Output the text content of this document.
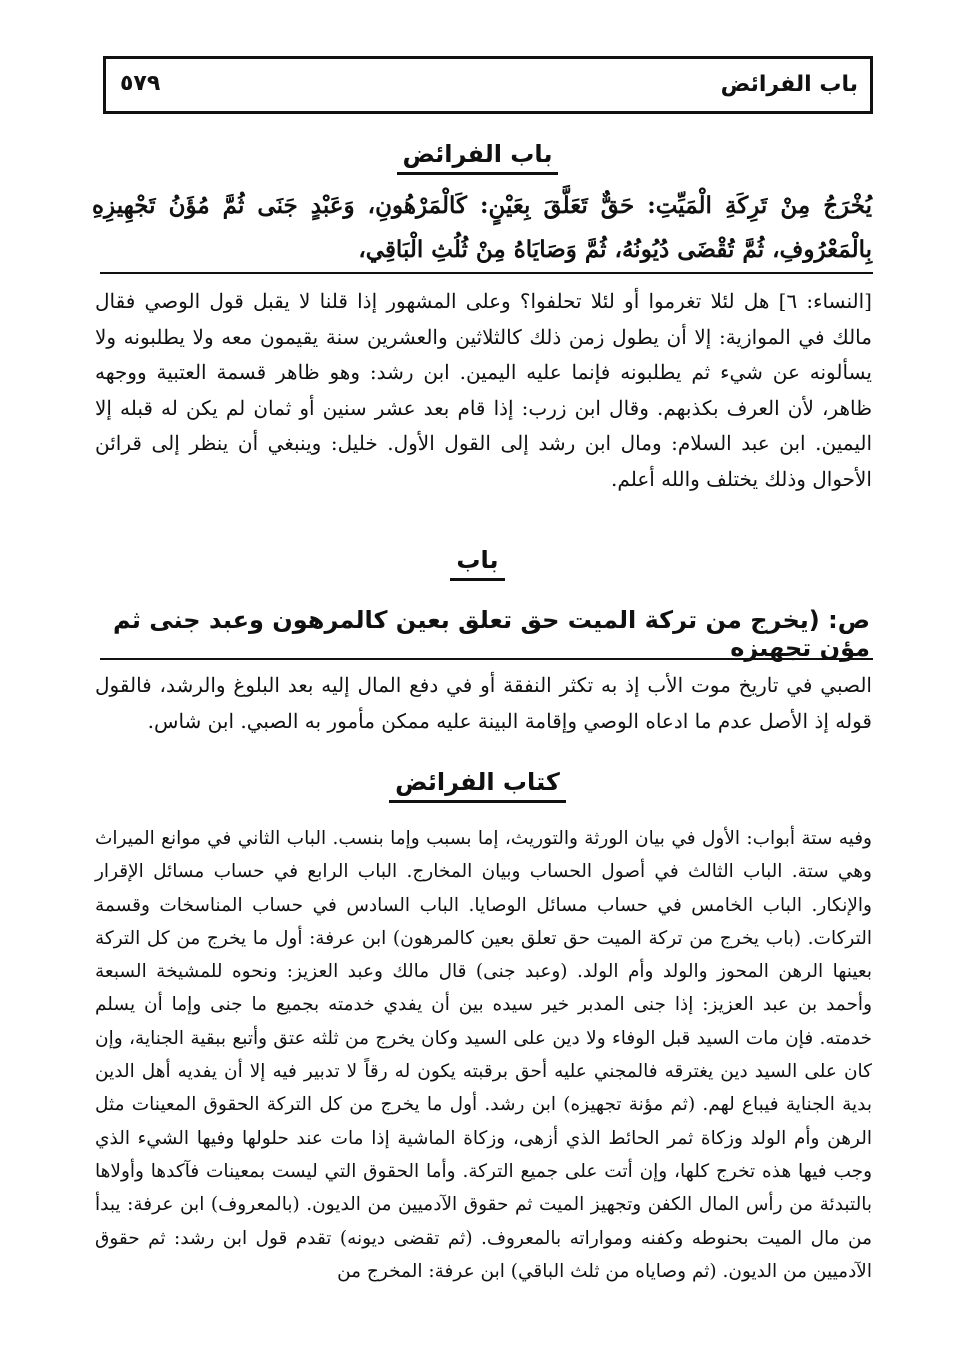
باب الفرائض
٥٧٩
باب الفرائض
يُخْرَجُ مِنْ تَرِكَةِ الْمَيِّتِ: حَقٌّ تَعَلَّقَ بِعَيْنٍ: كَالْمَرْهُونِ، وَعَبْدٍ جَنَى ثُمَّ مُؤَنُ تَجْهِيزِهِ بِالْمَعْرُوفِ، ثُمَّ تُقْضَى دُيُونُهُ، ثُمَّ وَصَايَاهُ مِنْ ثُلُثِ الْبَاقِي،
[النساء: ٦] هل لئلا تغرموا أو لئلا تحلفوا؟ وعلى المشهور إذا قلنا لا يقبل قول الوصي فقال مالك في الموازية: إلا أن يطول زمن ذلك كالثلاثين والعشرين سنة يقيمون معه ولا يطلبونه ولا يسألونه عن شيء ثم يطلبونه فإنما عليه اليمين. ابن رشد: وهو ظاهر قسمة العتبية ووجهه ظاهر، لأن العرف بكذبهم. وقال ابن زرب: إذا قام بعد عشر سنين أو ثمان لم يكن له قبله إلا اليمين. ابن عبد السلام: ومال ابن رشد إلى القول الأول. خليل: وينبغي أن ينظر إلى قرائن الأحوال وذلك يختلف والله أعلم.
باب
ص: (يخرج من تركة الميت حق تعلق بعين كالمرهون وعبد جنى ثم مؤن تجهيزه
الصبي في تاريخ موت الأب إذ به تكثر النفقة أو في دفع المال إليه بعد البلوغ والرشد، فالقول قوله إذ الأصل عدم ما ادعاه الوصي وإقامة البينة عليه ممكن مأمور به الصبي. ابن شاس.
كتاب الفرائض
وفيه ستة أبواب: الأول في بيان الورثة والتوريث، إما بسبب وإما بنسب. الباب الثاني في موانع الميراث وهي ستة. الباب الثالث في أصول الحساب وبيان المخارج. الباب الرابع في حساب مسائل الإقرار والإنكار. الباب الخامس في حساب مسائل الوصايا. الباب السادس في حساب المناسخات وقسمة التركات. (باب يخرج من تركة الميت حق تعلق بعين كالمرهون) ابن عرفة: أول ما يخرج من كل التركة بعينها الرهن المحوز والولد وأم الولد. (وعبد جنى) قال مالك وعبد العزيز: ونحوه للمشيخة السبعة وأحمد بن عبد العزيز: إذا جنى المدبر خير سيده بين أن يفدي خدمته بجميع ما جنى وإما أن يسلم خدمته. فإن مات السيد قبل الوفاء ولا دين على السيد وكان يخرج من ثلثه عتق وأتبع ببقية الجناية، وإن كان على السيد دين يغترقه فالمجني عليه أحق برقبته يكون له رقاً لا تدبير فيه إلا أن يفديه أهل الدين بدية الجناية فيباع لهم. (ثم مؤنة تجهيزه) ابن رشد. أول ما يخرج من كل التركة الحقوق المعينات مثل الرهن وأم الولد وزكاة ثمر الحائط الذي أزهى، وزكاة الماشية إذا مات عند حلولها وفيها الشيء الذي وجب فيها هذه تخرج كلها، وإن أتت على جميع التركة. وأما الحقوق التي ليست بمعينات فآكدها وأولاها بالتبدئة من رأس المال الكفن وتجهيز الميت ثم حقوق الآدميين من الديون. (بالمعروف) ابن عرفة: يبدأ من مال الميت بحنوطه وكفنه ومواراته بالمعروف. (ثم تقضى ديونه) تقدم قول ابن رشد: ثم حقوق الآدميين من الديون. (ثم وصاياه من ثلث الباقي) ابن عرفة: المخرج من
